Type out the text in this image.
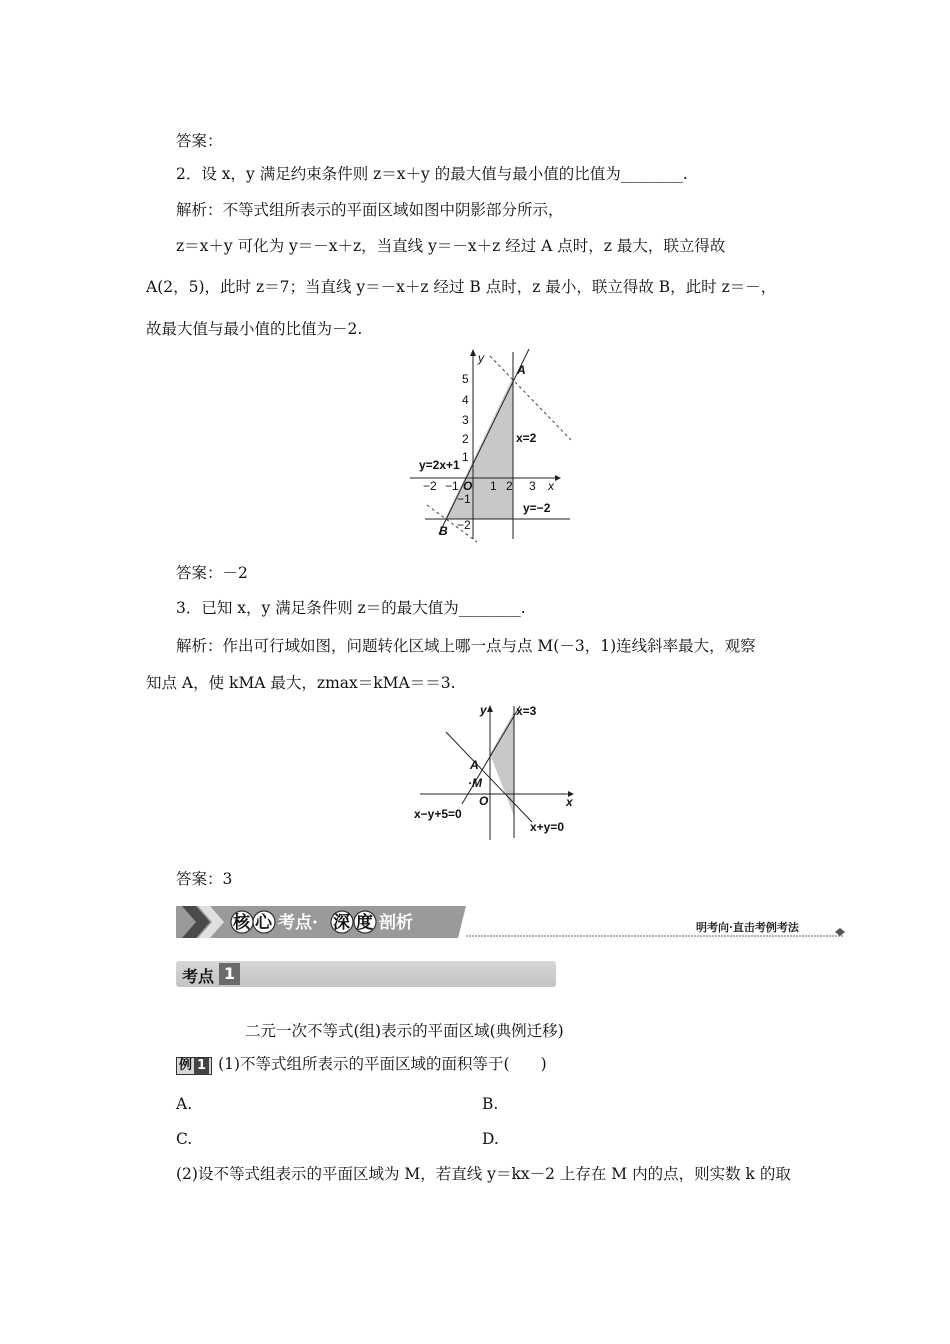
答案：
2．设 x，y 满足约束条件则 z＝x＋y 的最大值与最小值的比值为________.
解析：不等式组所表示的平面区域如图中阴影部分所示，
z＝x＋y 可化为 y＝－x＋z，当直线 y＝－x＋z 经过 A 点时，z 最大，联立得故
A(2，5)，此时 z＝7；当直线 y＝－x＋z 经过 B 点时，z 最小，联立得故 B，此时 z＝－，
故最大值与最小值的比值为－2.
y
x
5
4
3
2
1
−1
−2
−2 −1 O 1 2 3
A
B
x=2
y=2x+1
y=−2
答案：－2
3．已知 x，y 满足条件则 z＝的最大值为________.
解析：作出可行域如图，问题转化区域上哪一点与点 M(－3，1)连线斜率最大，观察
知点 A，使 kMA 最大，zmax＝kMA＝＝3.
y
x
x=3
A
·M
O
x−y+5=0
x+y=0
答案：3
核 心 考点· 深 度 剖析	明考向·直击考例考法
考点 1
二元一次不等式(组)表示的平面区域(典例迁移)
例 1 (1)不等式组所表示的平面区域的面积等于(　　)
A.	B.
C.	D.
(2)设不等式组表示的平面区域为 M，若直线 y＝kx－2 上存在 M 内的点，则实数 k 的取
